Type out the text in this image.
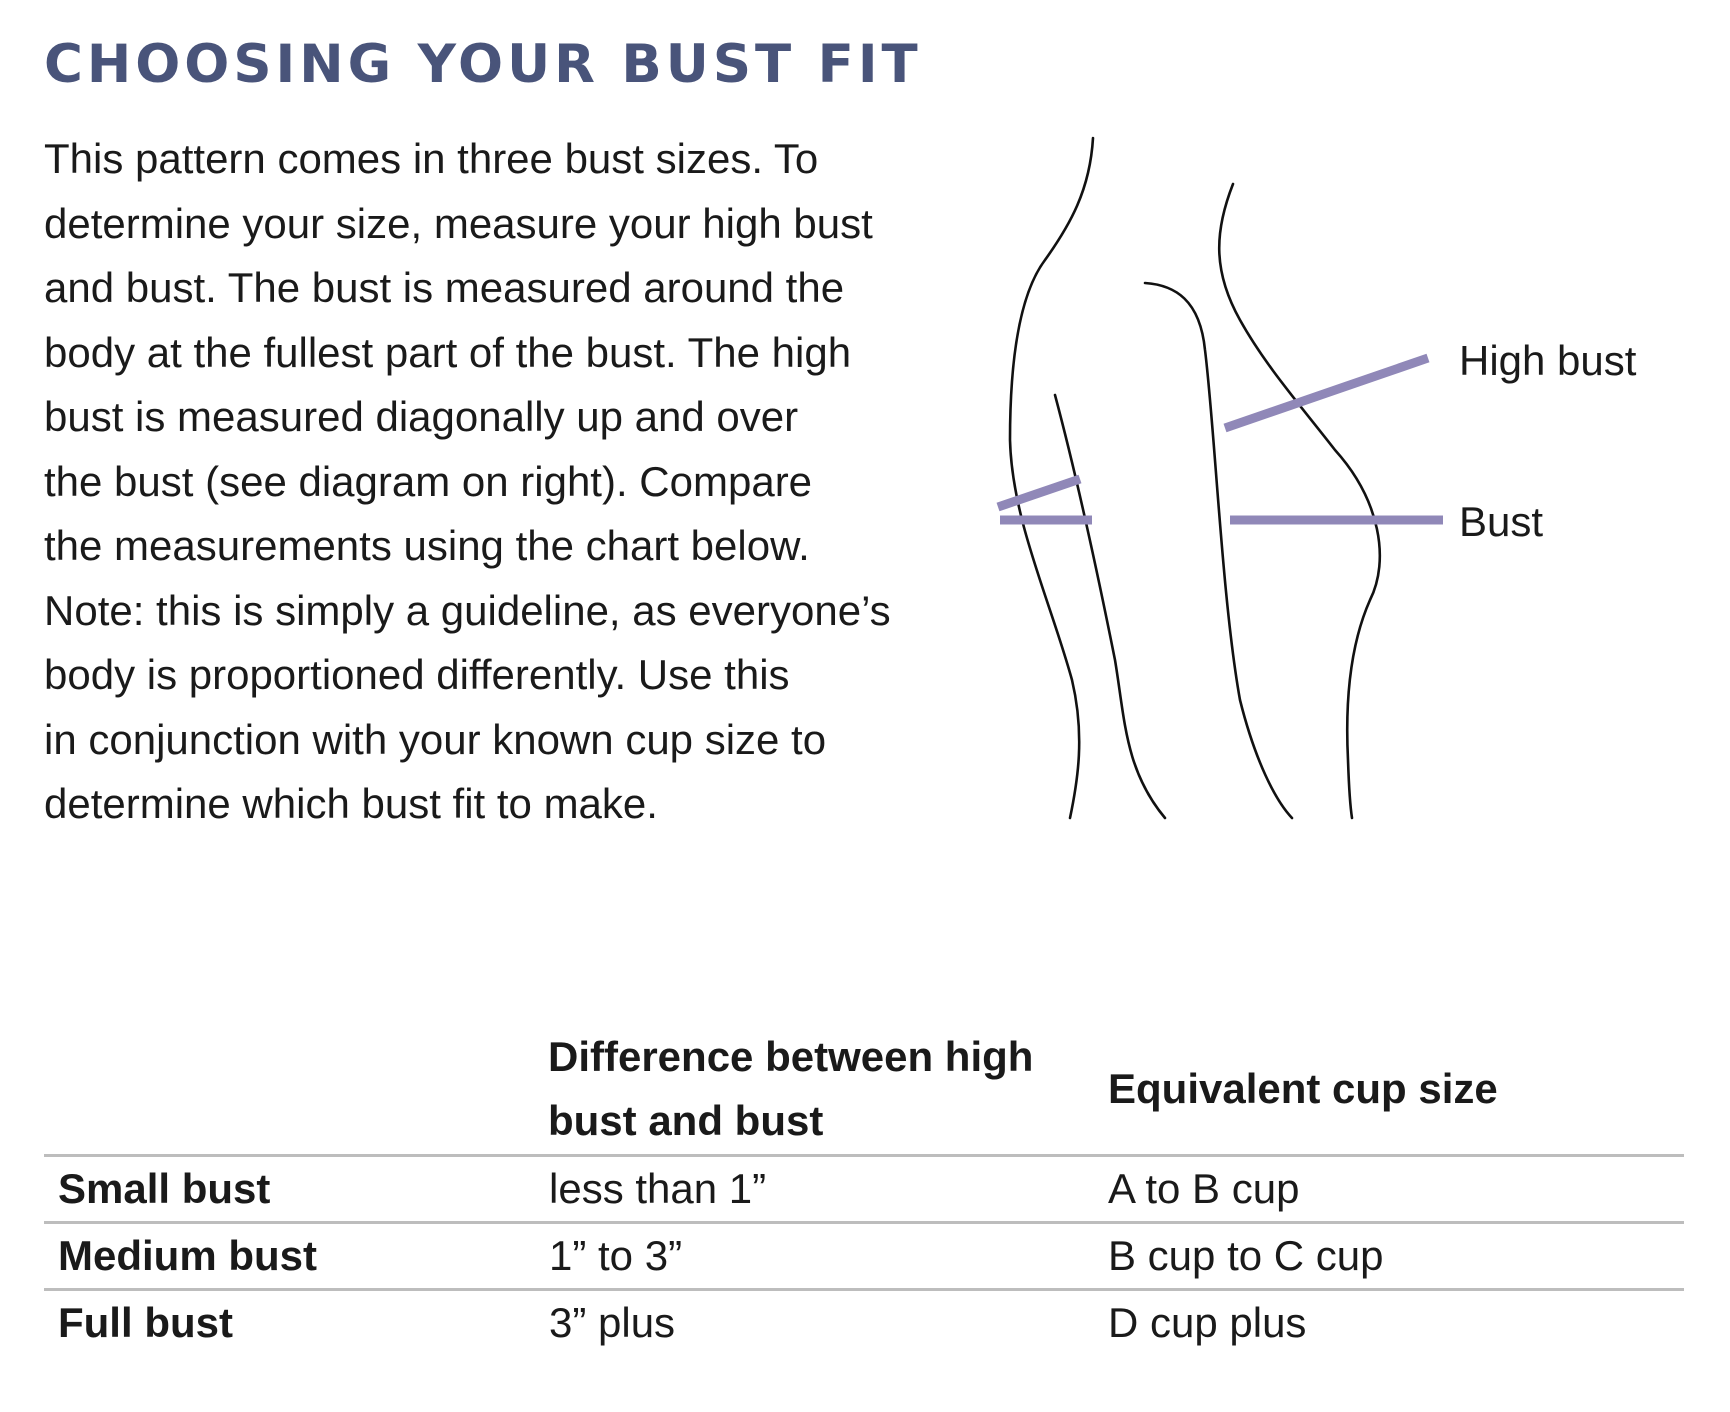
CHOOSING YOUR BUST FIT
This pattern comes in three bust sizes. To
determine your size, measure your high bust
and bust. The bust is measured around the
body at the fullest part of the bust. The high
bust is measured diagonally up and over
the bust (see diagram on right). Compare
the measurements using the chart below.
Note: this is simply a guideline, as everyone’s
body is proportioned differently. Use this
in conjunction with your known cup size to
determine which bust fit to make.
High bust
Bust
	Difference between high bust and bust	Equivalent cup size
Small bust	less than 1”	A to B cup
Medium bust	1” to 3”	B cup to C cup
Full bust	3” plus	D cup plus
